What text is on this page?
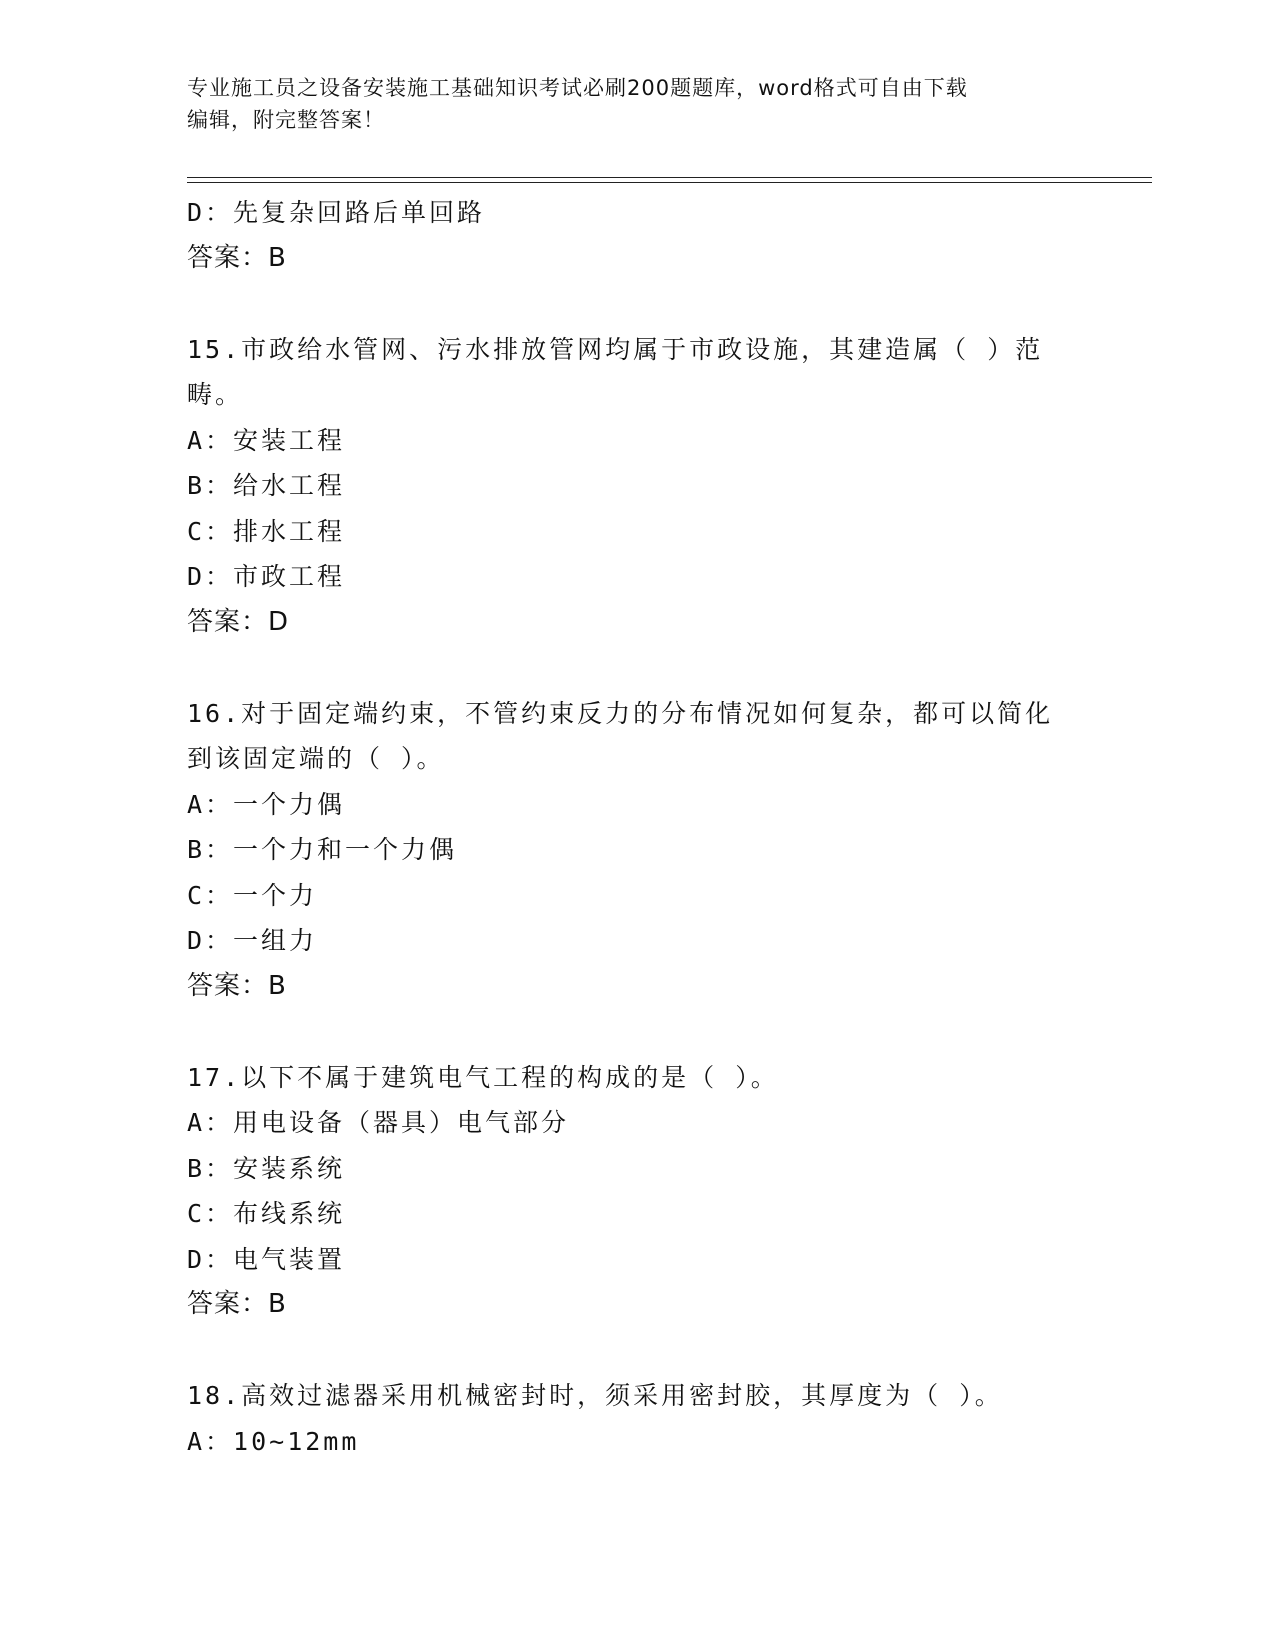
专业施工员之设备安装施工基础知识考试必刷200题题库，word格式可自由下载
编辑，附完整答案！
D：先复杂回路后单回路
答案：B
15.市政给水管网、污水排放管网均属于市政设施，其建造属（ ）范
畴。
A：安装工程
B：给水工程
C：排水工程
D：市政工程
答案：D
16.对于固定端约束，不管约束反力的分布情况如何复杂，都可以简化
到该固定端的（ ）。
A：一个力偶
B：一个力和一个力偶
C：一个力
D：一组力
答案：B
17.以下不属于建筑电气工程的构成的是（ ）。
A：用电设备（器具）电气部分
B：安装系统
C：布线系统
D：电气装置
答案：B
18.高效过滤器采用机械密封时，须采用密封胶，其厚度为（ ）。
A：10~12mm
